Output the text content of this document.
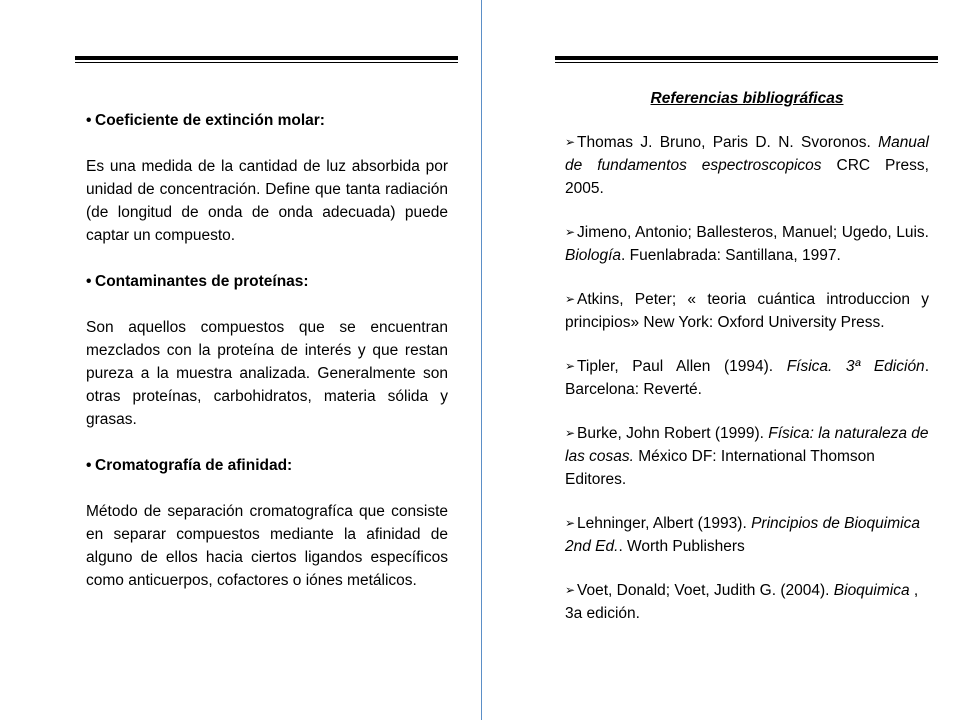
• Coeficiente de extinción molar:

Es una medida de la cantidad de luz absorbida por unidad de concentración. Define que tanta radiación (de longitud de onda de onda adecuada) puede captar un compuesto.

• Contaminantes de proteínas:

Son aquellos compuestos que se encuentran mezclados con la proteína de interés y que restan pureza a la muestra analizada. Generalmente son otras proteínas, carbohidratos, materia sólida y grasas.

• Cromatografía de afinidad:

Método de separación cromatografíca que consiste en separar compuestos mediante la afinidad de alguno de ellos hacia ciertos ligandos específicos como anticuerpos, cofactores o iónes metálicos.

Referencias bibliográficas

➢ Thomas J. Bruno, Paris D. N. Svoronos. Manual de fundamentos espectroscopicos CRC Press, 2005.

➢ Jimeno, Antonio; Ballesteros, Manuel; Ugedo, Luis. Biología. Fuenlabrada: Santillana, 1997.

➢ Atkins, Peter; « teoria cuántica introduccion y principios» New York: Oxford University Press.

➢ Tipler, Paul Allen (1994). Física. 3ª Edición. Barcelona: Reverté.

➢ Burke, John Robert (1999). Física: la naturaleza de las cosas. México DF: International Thomson Editores.

➢ Lehninger, Albert (1993). Principios de Bioquimica 2nd Ed.. Worth Publishers

➢ Voet, Donald; Voet, Judith G. (2004). Bioquimica , 3a edición.
